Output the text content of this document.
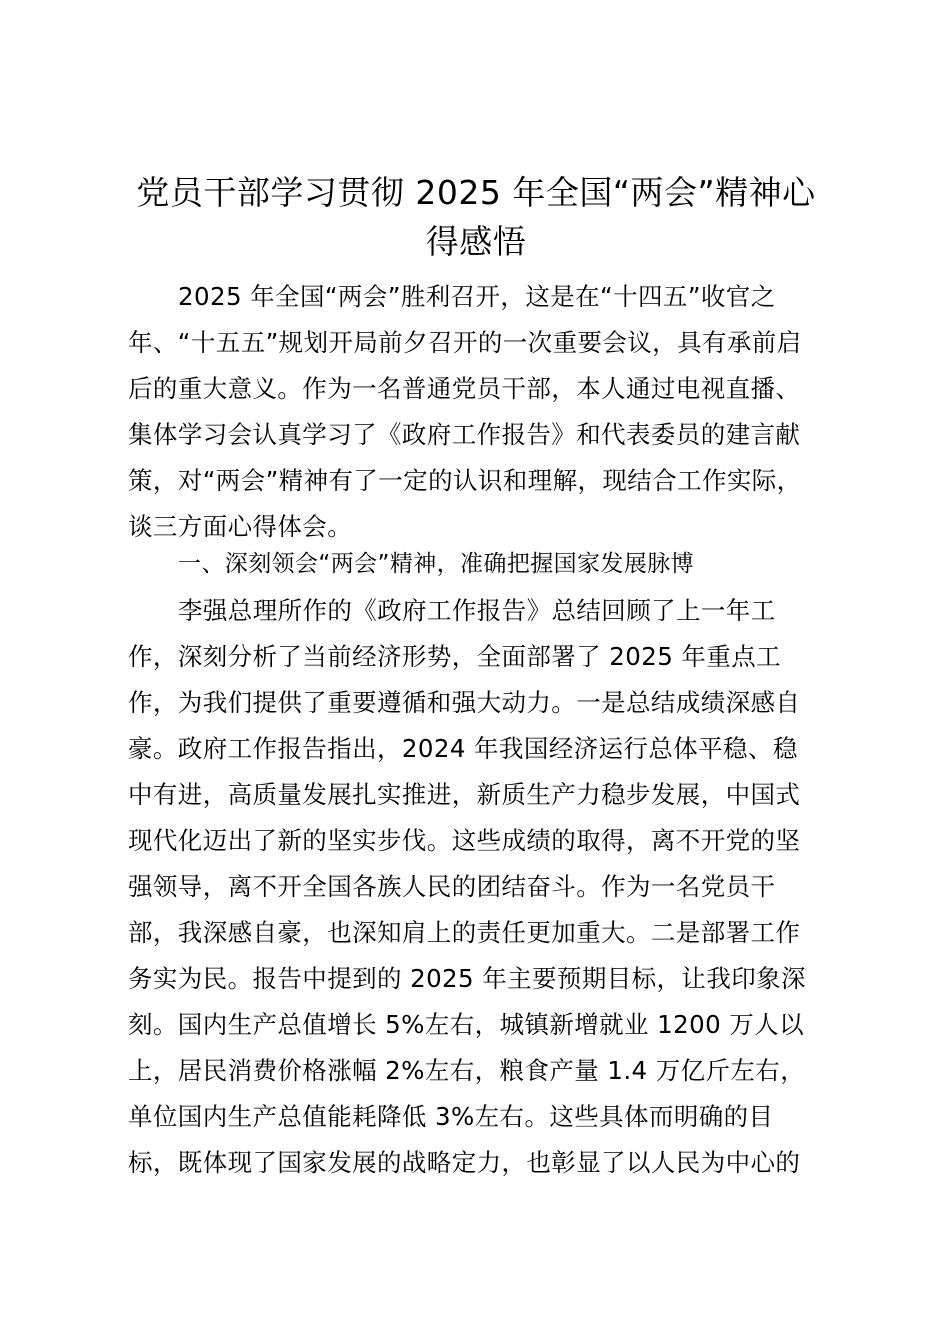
党员干部学习贯彻 2025 年全国“两会”精神心
得感悟

2025 年全国“两会”胜利召开，这是在“十四五”收官之

年、“十五五”规划开局前夕召开的一次重要会议，具有承前启

后的重大意义。作为一名普通党员干部，本人通过电视直播、

集体学习会认真学习了《政府工作报告》和代表委员的建言献

策，对“两会”精神有了一定的认识和理解，现结合工作实际，

谈三方面心得体会。

一、深刻领会“两会”精神，准确把握国家发展脉博

李强总理所作的《政府工作报告》总结回顾了上一年工

作，深刻分析了当前经济形势，全面部署了 2025 年重点工

作，为我们提供了重要遵循和强大动力。一是总结成绩深感自

豪。政府工作报告指出，2024 年我国经济运行总体平稳、稳

中有进，高质量发展扎实推进，新质生产力稳步发展，中国式

现代化迈出了新的坚实步伐。这些成绩的取得，离不开党的坚

强领导，离不开全国各族人民的团结奋斗。作为一名党员干

部，我深感自豪，也深知肩上的责任更加重大。二是部署工作

务实为民。报告中提到的 2025 年主要预期目标，让我印象深

刻。国内生产总值增长 5%左右，城镇新增就业 1200 万人以

上，居民消费价格涨幅 2%左右，粮食产量 1.4 万亿斤左右，

单位国内生产总值能耗降低 3%左右。这些具体而明确的目

标，既体现了国家发展的战略定力，也彰显了以人民为中心的
